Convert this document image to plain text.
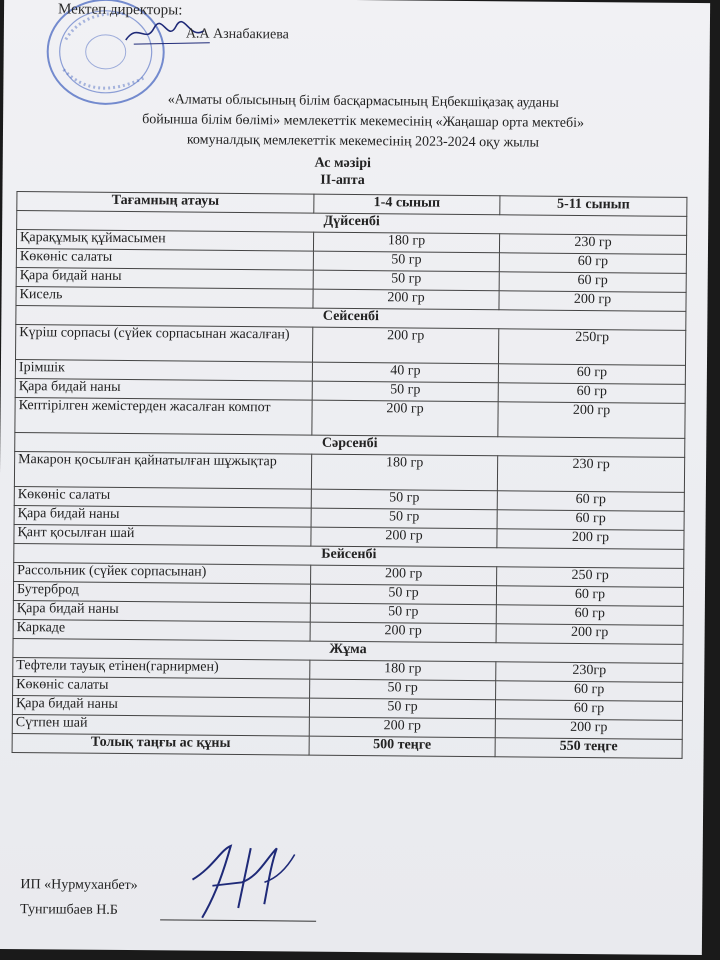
Мектеп директоры:
А.А Азнабакиева
«Алматы облысының білім басқармасының Еңбекшіқазақ ауданы
бойынша білім бөлімі» мемлекеттік мекемесінің «Жаңашар орта мектебі»
комуналдық мемлекеттік мекемесінің 2023-2024 оқу жылы
Ас мәзірі
ІІ-апта
Тағамның атауы	1-4 сынып	5-11 сынып
Дүйсенбі		
Қарақұмық құймасымен	180 гр	230 гр
Көкөніс салаты	50 гр	60 гр
Қара бидай наны	50 гр	60 гр
Кисель	200 гр	200 гр
Сейсенбі		
Күріш сорпасы (сүйек сорпасынан жасалған)	200 гр	250гр
Ірімшік	40 гр	60 гр
Қара бидай наны	50 гр	60 гр
Кептірілген жемістерден жасалған компот	200 гр	200 гр
Сәрсенбі		
Макарон қосылған қайнатылған шұжықтар	180 гр	230 гр
Көкөніс салаты	50 гр	60 гр
Қара бидай наны	50 гр	60 гр
Қант қосылған шай	200 гр	200 гр
Бейсенбі		
Рассольник (сүйек сорпасынан)	200 гр	250 гр
Бутерброд	50 гр	60 гр
Қара бидай наны	50 гр	60 гр
Каркаде	200 гр	200 гр
Жұма		
Тефтели тауық етінен(гарнирмен)	180 гр	230гр
Көкөніс салаты	50 гр	60 гр
Қара бидай наны	50 гр	60 гр
Сүтпен шай	200 гр	200 гр
Толық таңғы ас құны	500 теңге	550 теңге
ИП «Нурмуханбет»
Тунгишбаев Н.Б
